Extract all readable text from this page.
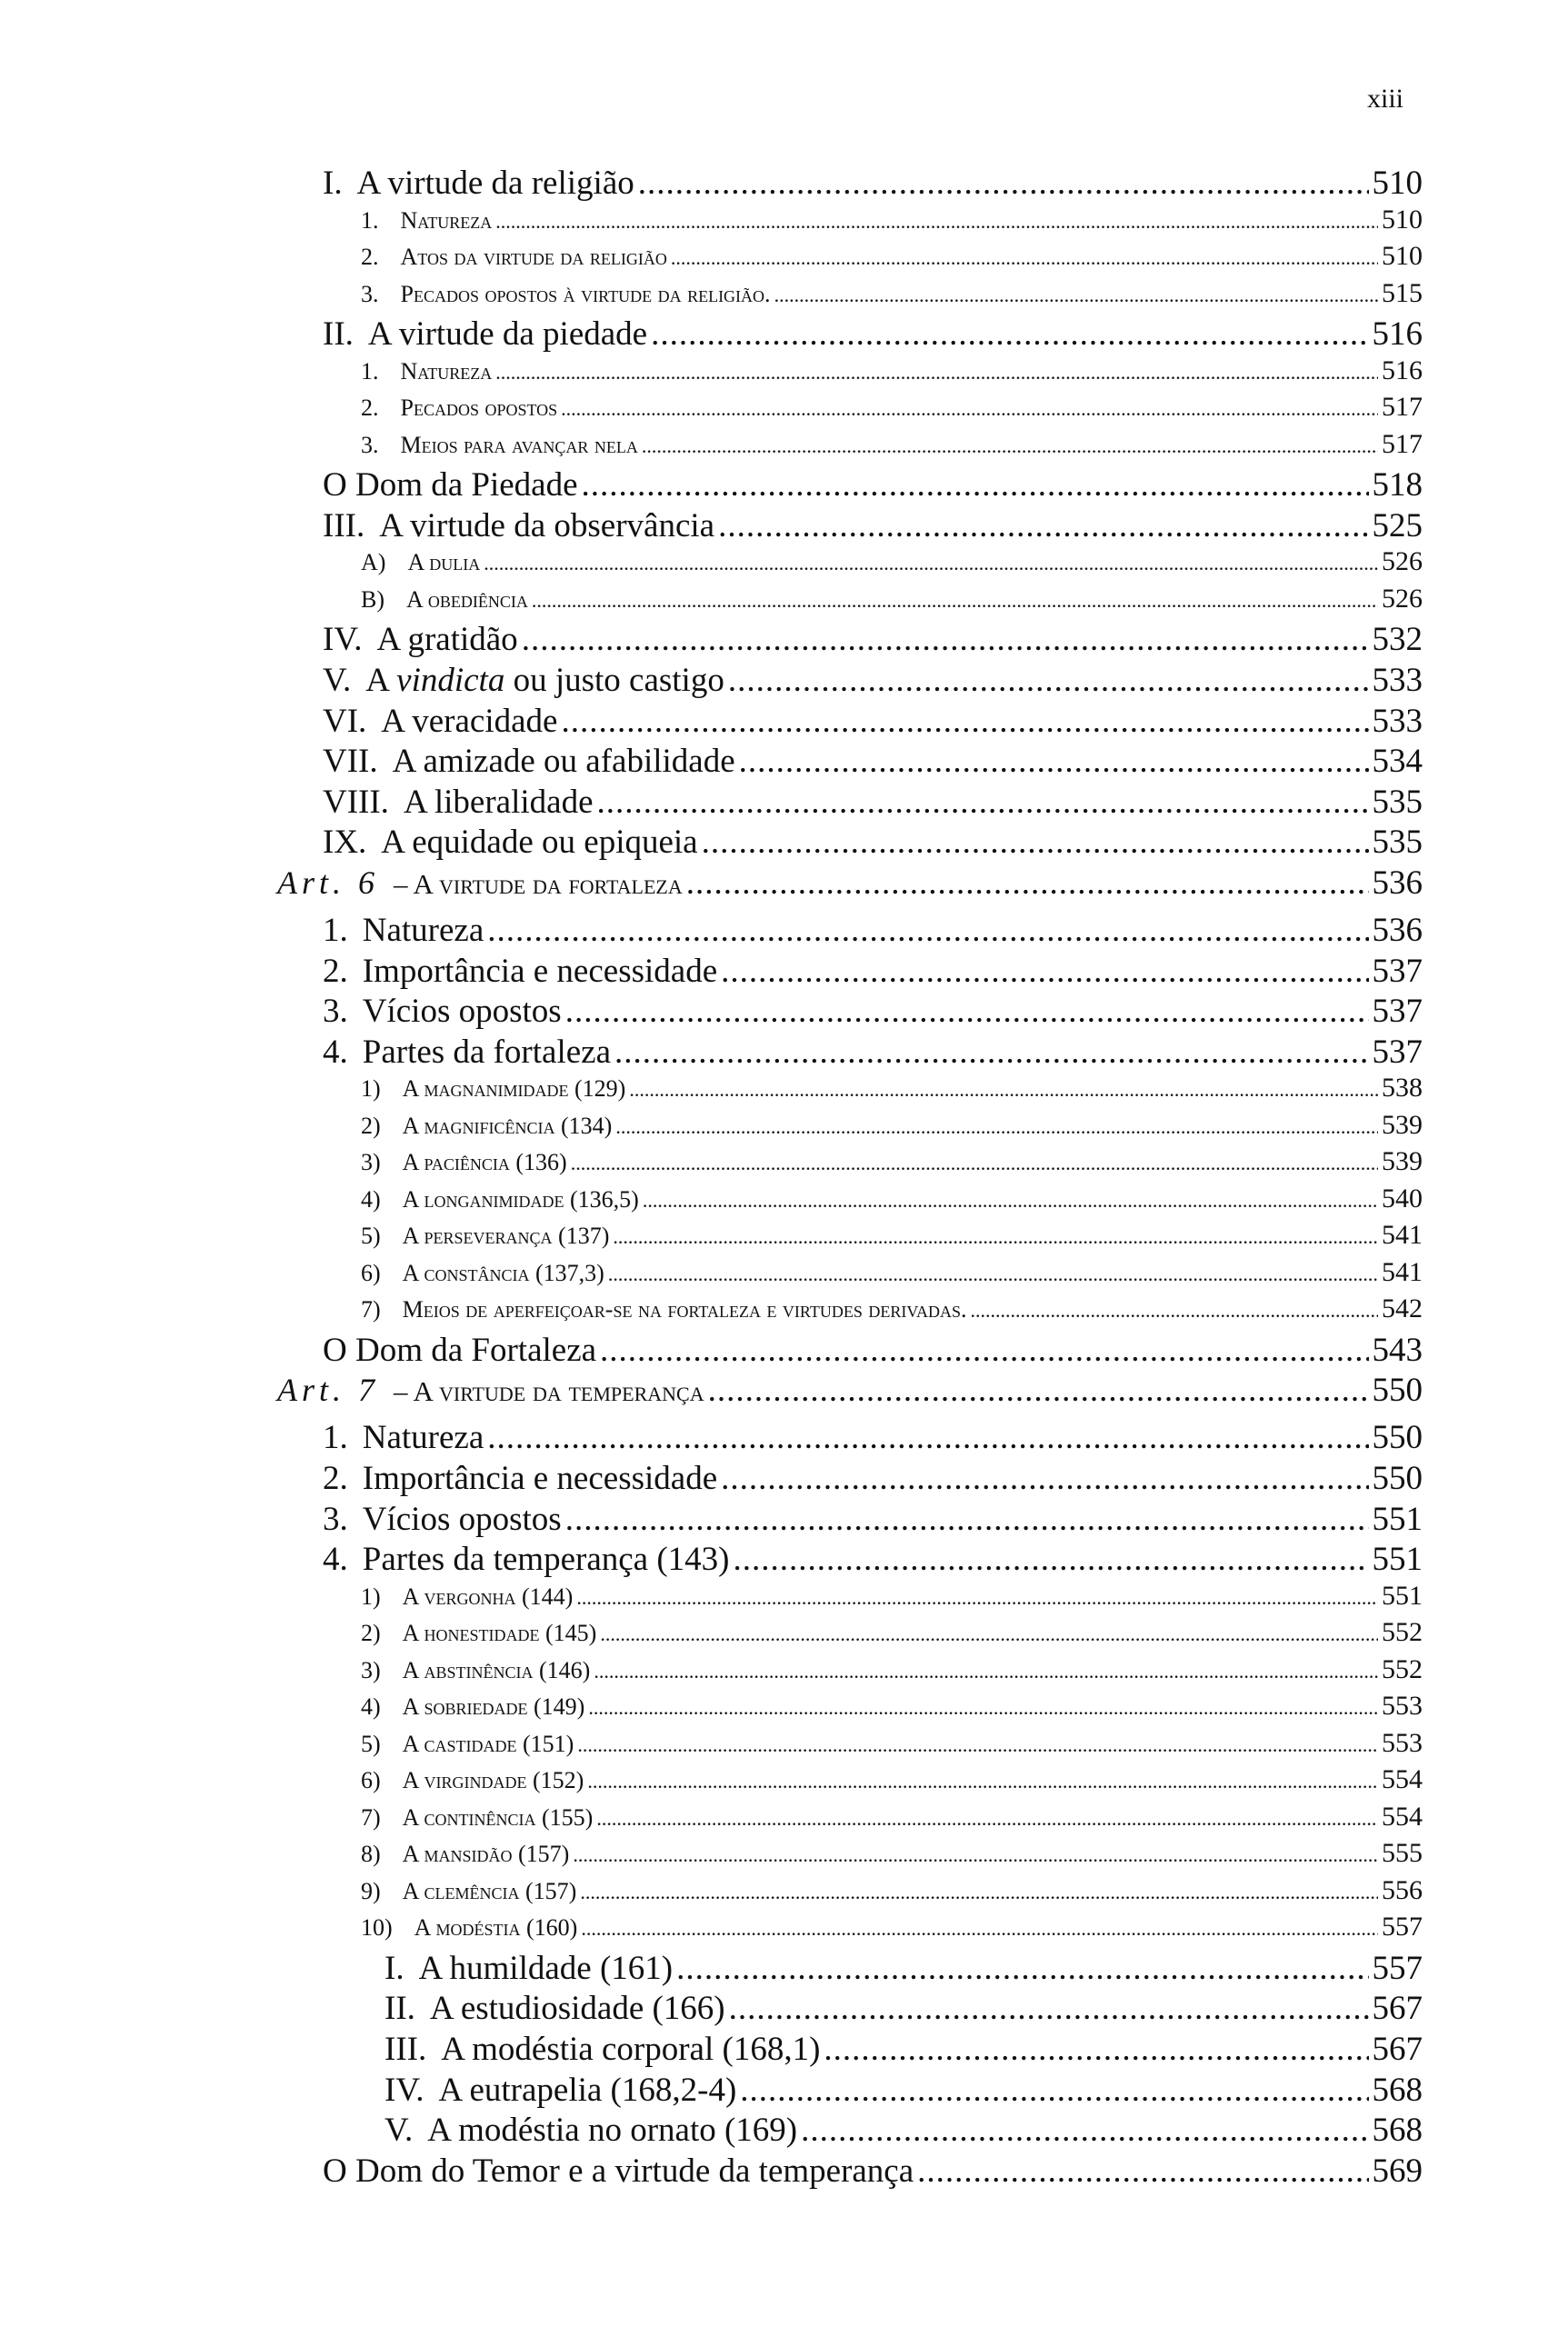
xiii
I. A virtude da religião .....	510
1. Natureza .....	510
2. Atos da virtude da religião .....	510
3. Pecados opostos à virtude da religião. .....	515
II. A virtude da piedade .....	516
1. Natureza .....	516
2. Pecados opostos .....	517
3. Meios para avançar nela .....	517
O Dom da Piedade .....	518
III. A virtude da observância .....	525
A) A dulia .....	526
B) A obediência .....	526
IV. A gratidão .....	532
V. A vindicta ou justo castigo .....	533
VI. A veracidade .....	533
VII. A amizade ou afabilidade .....	534
VIII. A liberalidade .....	535
IX. A equidade ou epiqueia .....	535
Art. 6 – A virtude da fortaleza .....	536
1. Natureza .....	536
2. Importância e necessidade .....	537
3. Vícios opostos .....	537
4. Partes da fortaleza .....	537
1) A magnanimidade (129) .....	538
2) A magnificência (134) .....	539
3) A paciência (136) .....	539
4) A longanimidade (136,5) .....	540
5) A perseverança (137) .....	541
6) A constância (137,3) .....	541
7) Meios de aperfeiçoar-se na fortaleza e virtudes derivadas. .....	542
O Dom da Fortaleza .....	543
Art. 7 – A virtude da temperança .....	550
1. Natureza .....	550
2. Importância e necessidade .....	550
3. Vícios opostos .....	551
4. Partes da temperança (143) .....	551
1) A vergonha (144) .....	551
2) A honestidade (145) .....	552
3) A abstinência (146) .....	552
4) A sobriedade (149) .....	553
5) A castidade (151) .....	553
6) A virgindade (152) .....	554
7) A continência (155) .....	554
8) A mansidão (157) .....	555
9) A clemência (157) .....	556
10) A modéstia (160) .....	557
I. A humildade (161) .....	557
II. A estudiosidade (166) .....	567
III. A modéstia corporal (168,1) .....	567
IV. A eutrapelia (168,2-4) .....	568
V. A modéstia no ornato (169) .....	568
O Dom do Temor e a virtude da temperança .....	569
